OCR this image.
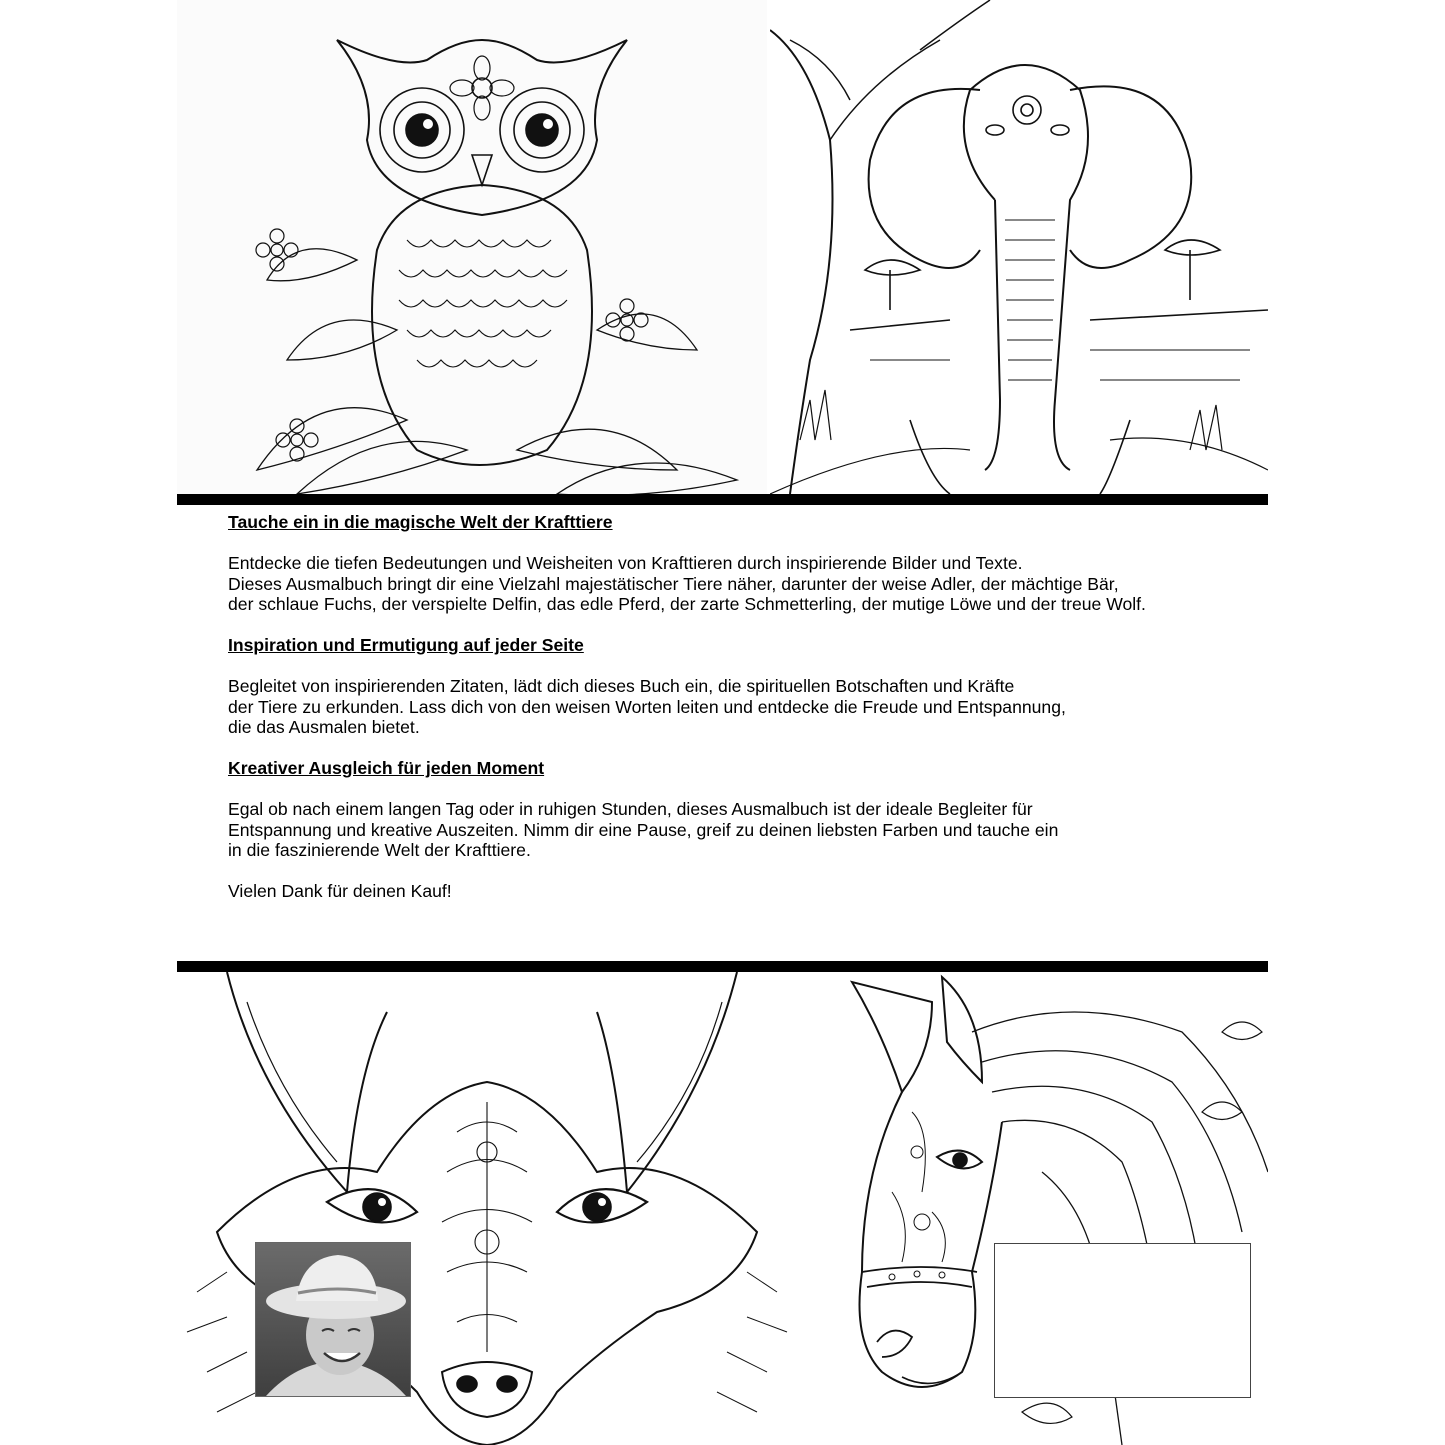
Tauche ein in die magische Welt der Krafttiere

Entdecke die tiefen Bedeutungen und Weisheiten von Krafttieren durch inspirierende Bilder und Texte.
Dieses Ausmalbuch bringt dir eine Vielzahl majestätischer Tiere näher, darunter der weise Adler, der mächtige Bär,
der schlaue Fuchs, der verspielte Delfin, das edle Pferd, der zarte Schmetterling, der mutige Löwe und der treue Wolf.

Inspiration und Ermutigung auf jeder Seite

Begleitet von inspirierenden Zitaten, lädt dich dieses Buch ein, die spirituellen Botschaften und Kräfte
der Tiere zu erkunden. Lass dich von den weisen Worten leiten und entdecke die Freude und Entspannung,
die das Ausmalen bietet.

Kreativer Ausgleich für jeden Moment

Egal ob nach einem langen Tag oder in ruhigen Stunden, dieses Ausmalbuch ist der ideale Begleiter für
Entspannung und kreative Auszeiten. Nimm dir eine Pause, greif zu deinen liebsten Farben und tauche ein
in die faszinierende Welt der Krafttiere.

Vielen Dank für deinen Kauf!
